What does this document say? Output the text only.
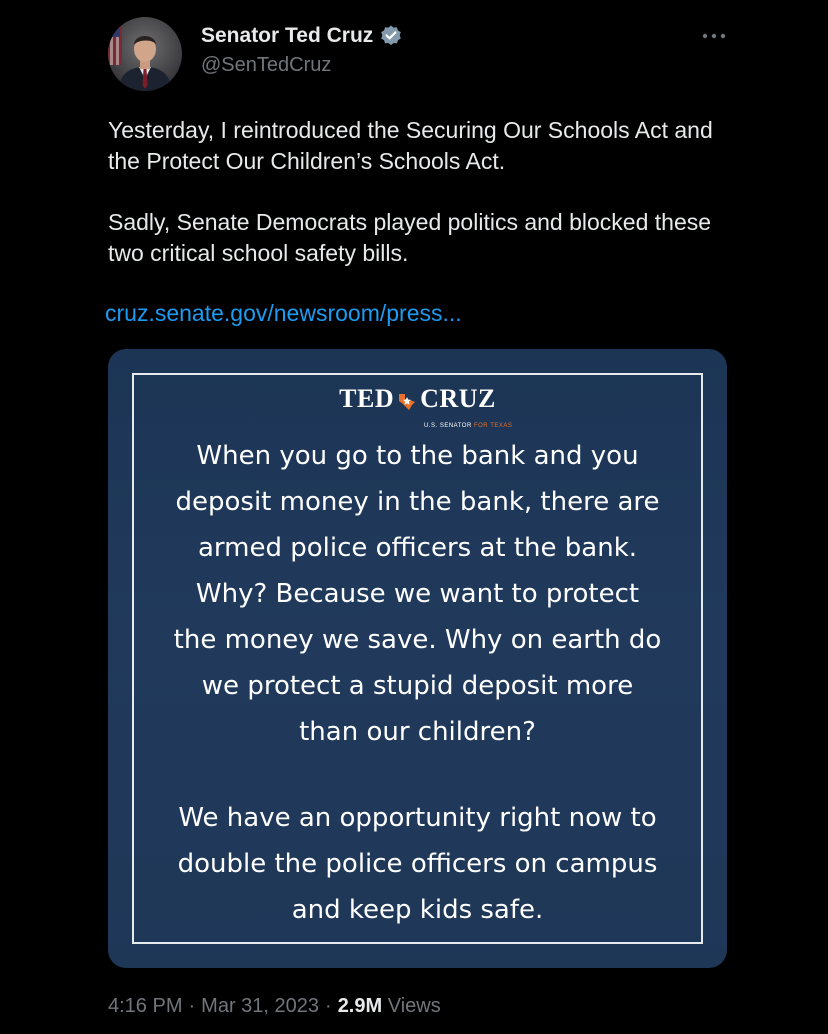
Senator Ted Cruz
@SenTedCruz

Yesterday, I reintroduced the Securing Our Schools Act and the Protect Our Children’s Schools Act.

Sadly, Senate Democrats played politics and blocked these two critical school safety bills.

cruz.senate.gov/newsroom/press...
TED CRUZ
U.S. SENATOR FOR TEXAS
When you go to the bank and you
deposit money in the bank, there are
armed police officers at the bank.
Why? Because we want to protect
the money we save. Why on earth do
we protect a stupid deposit more
than our children?
We have an opportunity right now to
double the police officers on campus
and keep kids safe.
4:16 PM · Mar 31, 2023 · 2.9M Views
